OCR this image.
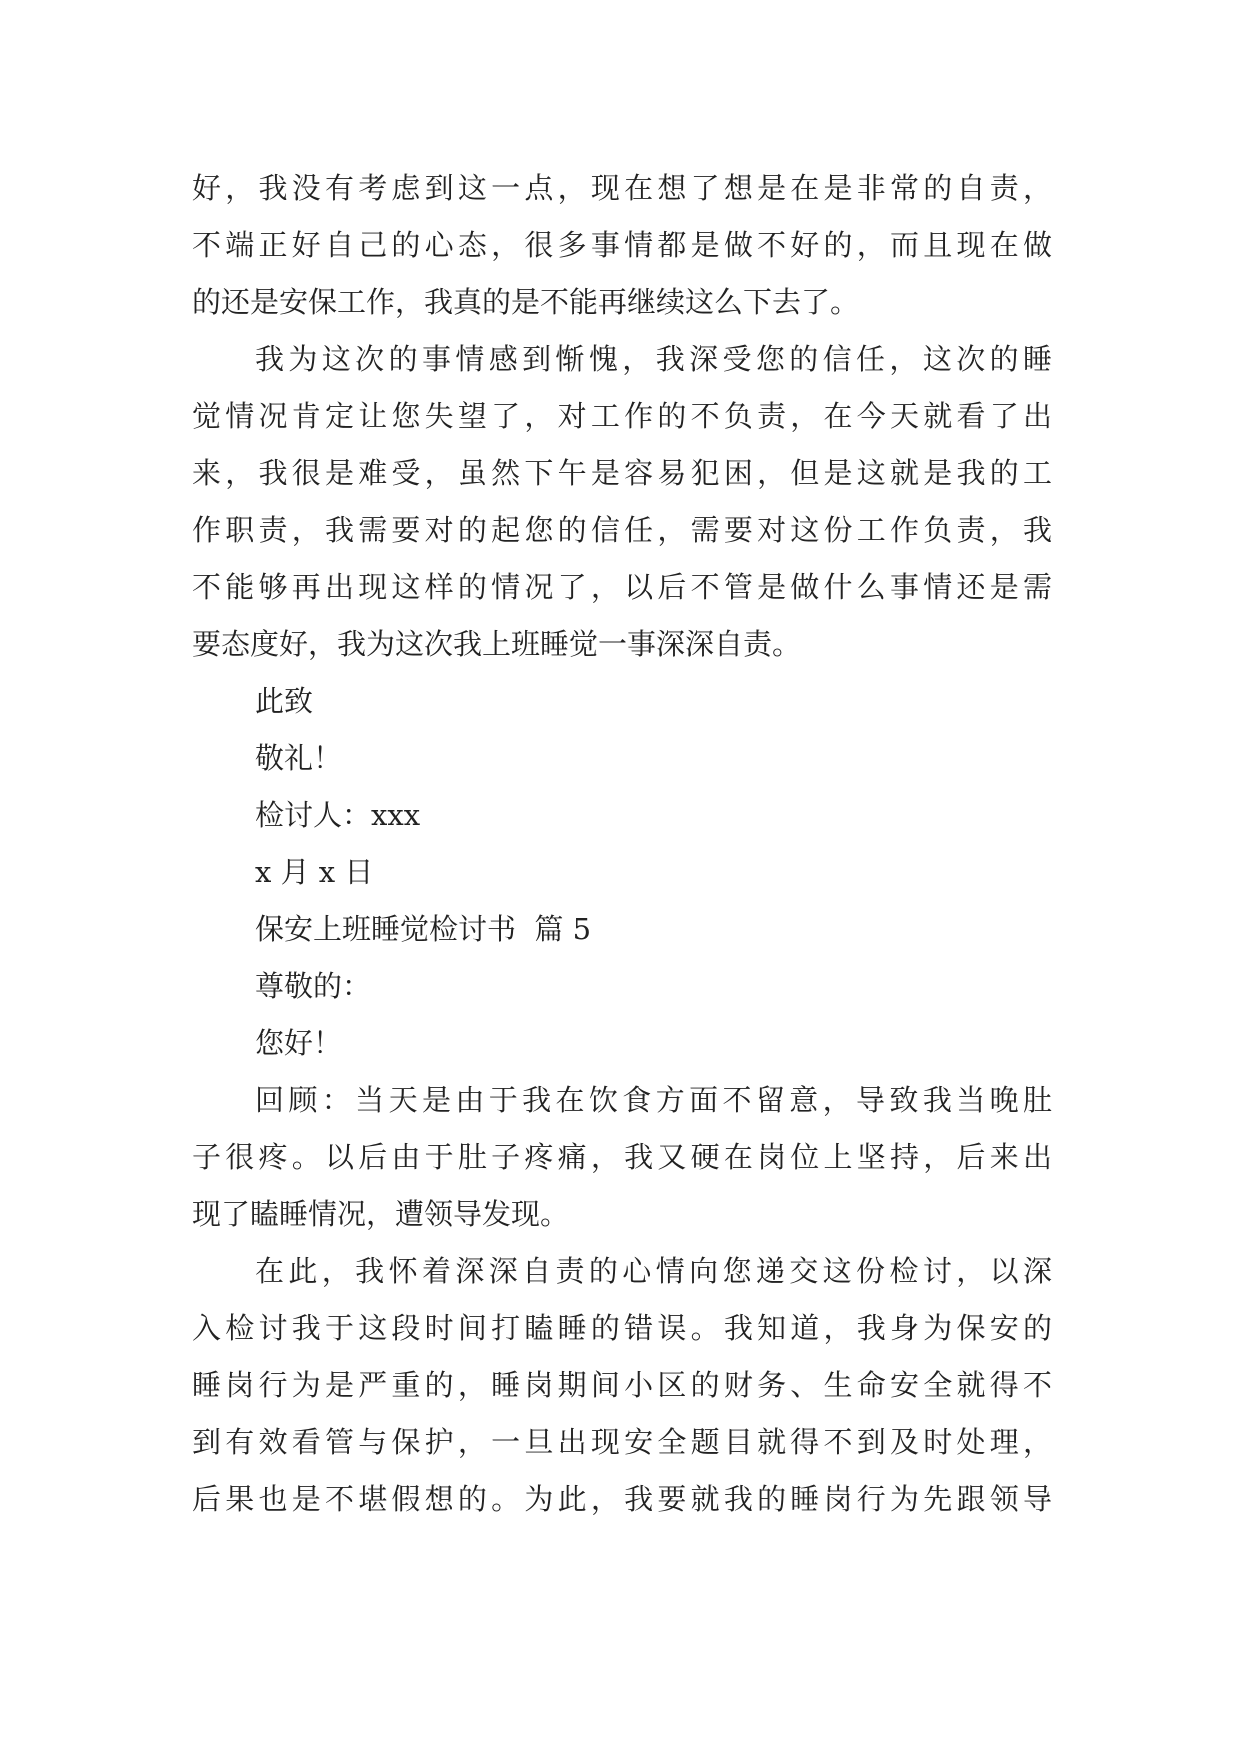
好，我没有考虑到这一点，现在想了想是在是非常的自责，
不端正好自己的心态，很多事情都是做不好的，而且现在做
的还是安保工作，我真的是不能再继续这么下去了。
我为这次的事情感到惭愧，我深受您的信任，这次的睡
觉情况肯定让您失望了，对工作的不负责，在今天就看了出
来，我很是难受，虽然下午是容易犯困，但是这就是我的工
作职责，我需要对的起您的信任，需要对这份工作负责，我
不能够再出现这样的情况了，以后不管是做什么事情还是需
要态度好，我为这次我上班睡觉一事深深自责。
此致
敬礼！
检讨人：xxx
x 月 x 日
保安上班睡觉检讨书  篇 5
尊敬的：
您好！
回顾：当天是由于我在饮食方面不留意，导致我当晚肚
子很疼。以后由于肚子疼痛，我又硬在岗位上坚持，后来出
现了瞌睡情况，遭领导发现。
在此，我怀着深深自责的心情向您递交这份检讨，以深
入检讨我于这段时间打瞌睡的错误。我知道，我身为保安的
睡岗行为是严重的，睡岗期间小区的财务、生命安全就得不
到有效看管与保护，一旦出现安全题目就得不到及时处理，
后果也是不堪假想的。为此，我要就我的睡岗行为先跟领导
